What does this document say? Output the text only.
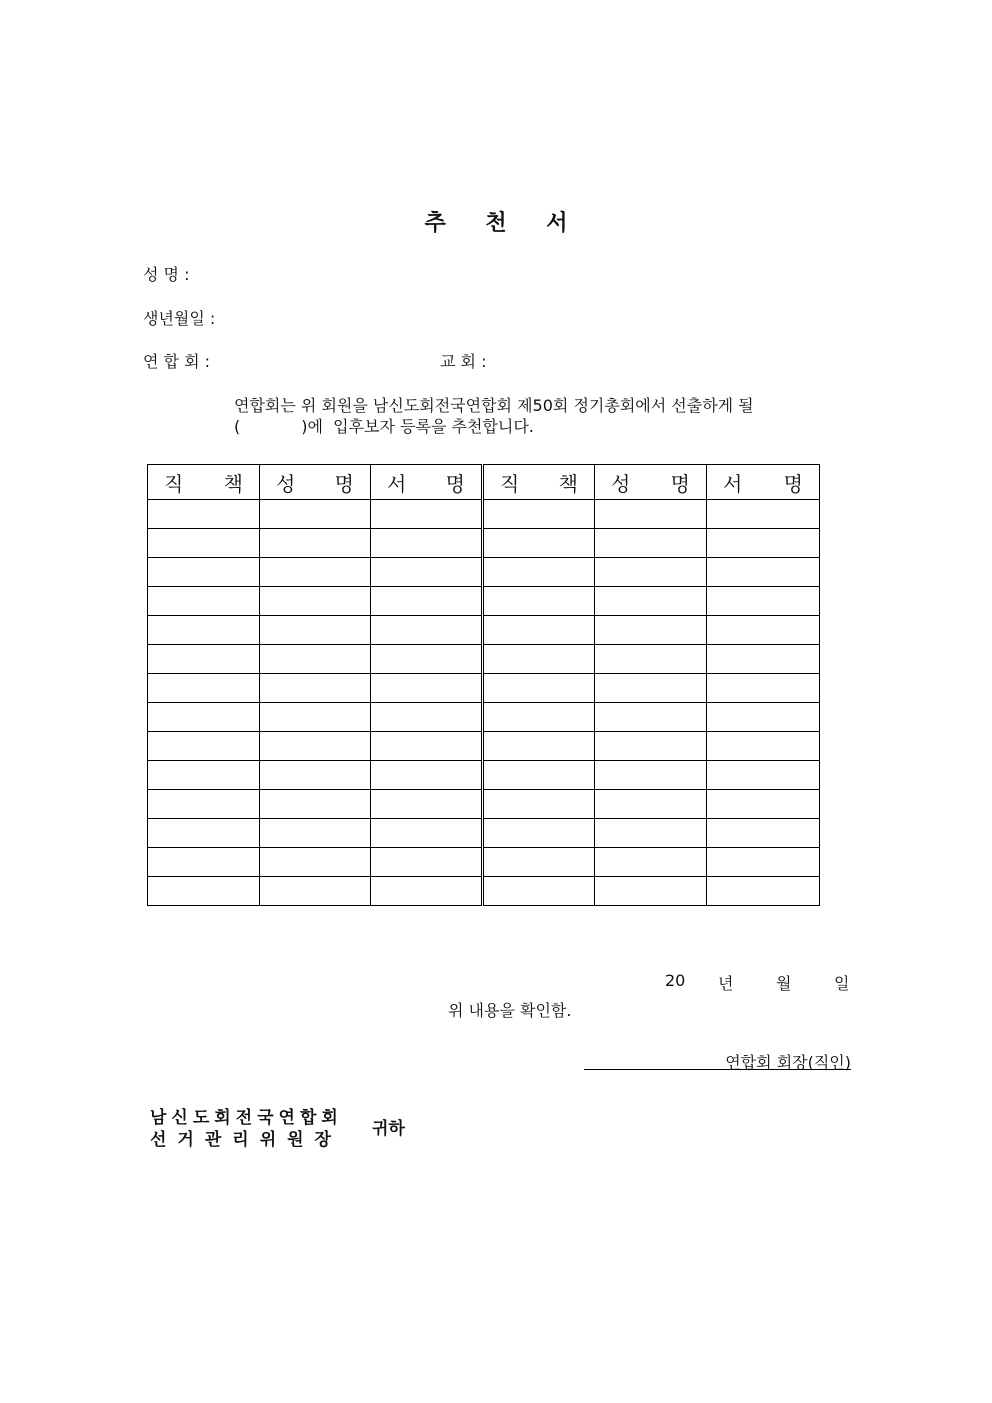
추 천 서
성 명 :
생년월일 :
연 합 회 :	교 회 :
연합회는 위 회원을 남신도회전국연합회 제50회 정기총회에서 선출하게 될
(            )에  입후보자 등록을 추천합니다.
직 책	성 명	서 명	직 책	성 명	서 명

20 년	월	일
위 내용을 확인함.
연합회 회장(직인)
남신도회전국연합회
선거관리위원장
귀하
